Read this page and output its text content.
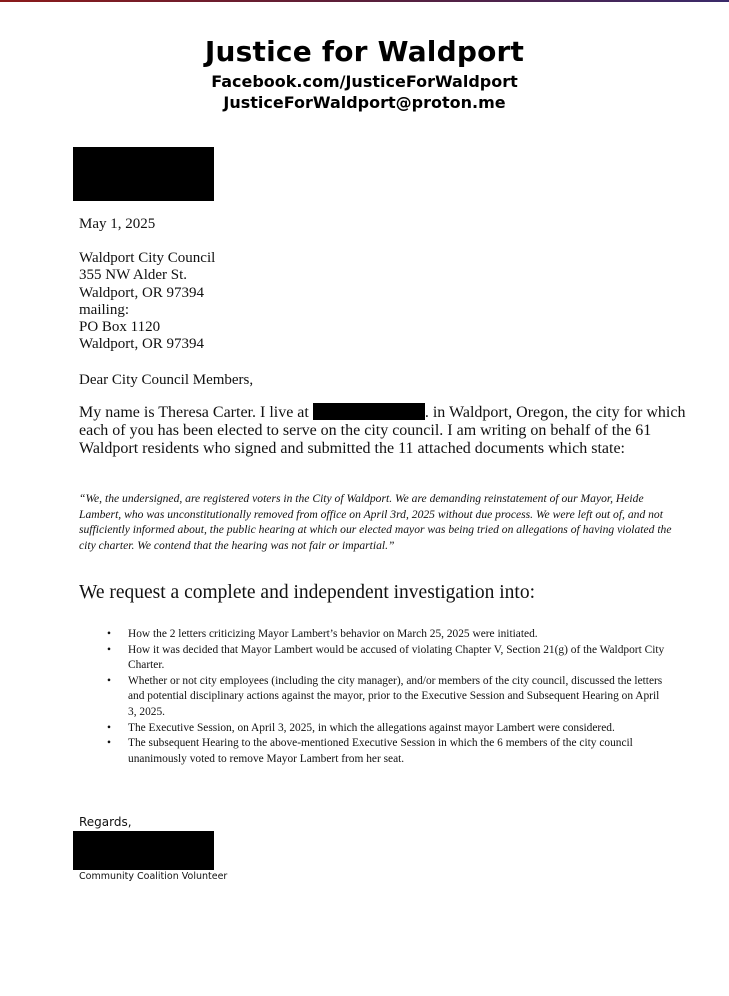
Justice for Waldport
Facebook.com/JusticeForWaldport
JusticeForWaldport@proton.me
May 1, 2025
Waldport City Council
355 NW Alder St.
Waldport, OR 97394
mailing:
PO Box 1120
Waldport, OR 97394
Dear City Council Members,
My name is Theresa Carter. I live at	. in Waldport, Oregon, the city for which each of you has been elected to serve on the city council. I am writing on behalf of the 61 Waldport residents who signed and submitted the 11 attached documents which state:
“We, the undersigned, are registered voters in the City of Waldport. We are demanding reinstatement of our Mayor, Heide Lambert, who was unconstitutionally removed from office on April 3rd, 2025 without due process. We were left out of, and not sufficiently informed about, the public hearing at which our elected mayor was being tried on allegations of having violated the city charter. We contend that the hearing was not fair or impartial.”
We request a complete and independent investigation into:
• How the 2 letters criticizing Mayor Lambert’s behavior on March 25, 2025 were initiated.
• How it was decided that Mayor Lambert would be accused of violating Chapter V, Section 21(g) of the Waldport City Charter.
• Whether or not city employees (including the city manager), and/or members of the city council, discussed the letters and potential disciplinary actions against the mayor, prior to the Executive Session and Subsequent Hearing on April 3, 2025.
• The Executive Session, on April 3, 2025, in which the allegations against mayor Lambert were considered.
• The subsequent Hearing to the above-mentioned Executive Session in which the 6 members of the city council unanimously voted to remove Mayor Lambert from her seat.
Regards,
Community Coalition Volunteer
